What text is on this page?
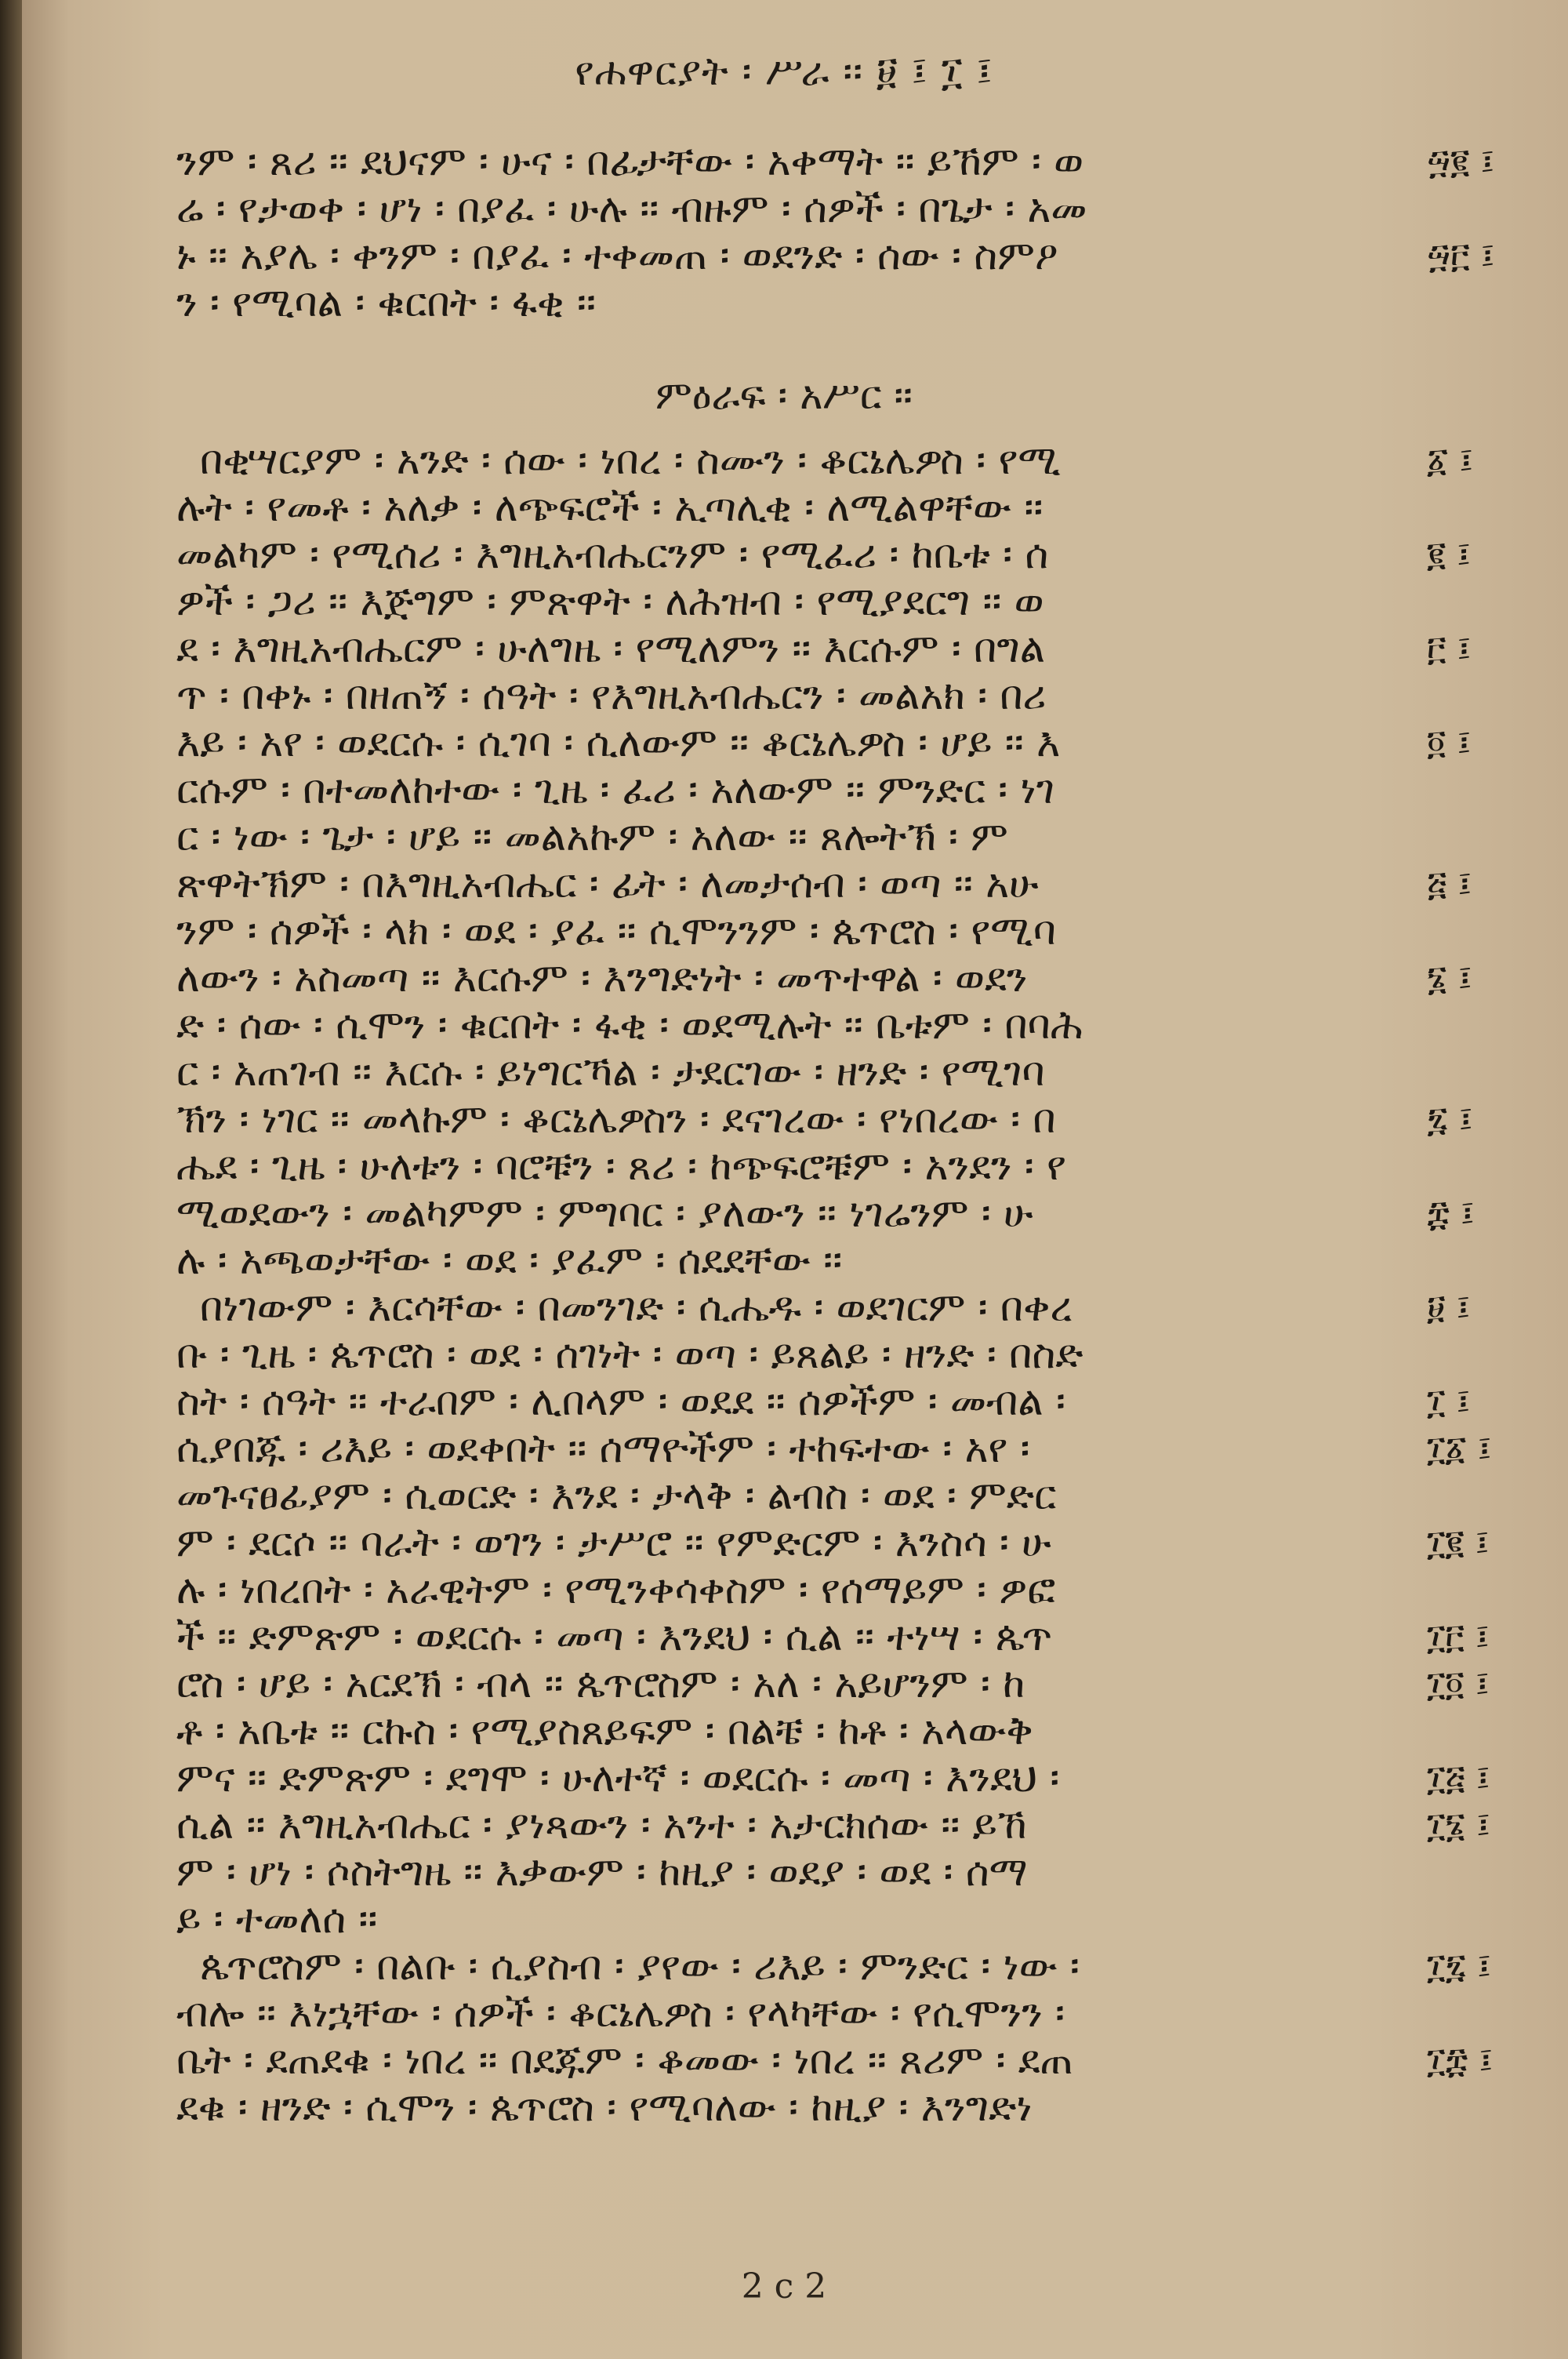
የሐዋርያት ፡ ሥራ ፡፡ ፱ ፤ ፲ ፤
ንም ፡ ጸሪ ፡፡ ደህናም ፡ ሁና ፡ በፊታቸው ፡ አቀማት ፡፡ ይኸም ፡ ወ	፵፪ ፤
ሬ ፡ የታወቀ ፡ ሆነ ፡ በያፈ ፡ ሁሉ ፡፡ ብዙም ፡ ሰዎች ፡ በጌታ ፡ አመ
ኑ ፡፡ አያሌ ፡ ቀንም ፡ በያፈ ፡ ተቀመጠ ፡ ወደንድ ፡ ሰው ፡ ስምዖ	፵፫ ፤
ን ፡ የሚባል ፡ ቁርበት ፡ ፋቂ ፡፡
ምዕራፍ ፡ አሥር ፡፡
በቂሣርያም ፡ አንድ ፡ ሰው ፡ ነበረ ፡ ስሙን ፡ ቆርኔሌዎስ ፡ የሚ	፩ ፤
ሉት ፡ የመቶ ፡ አለቃ ፡ ለጭፍሮች ፡ ኢጣሊቂ ፡ ለሚልዋቸው ፡፡
መልካም ፡ የሚሰሪ ፡ እግዚአብሔርንም ፡ የሚፈሪ ፡ ከቤቱ ፡ ሰ	፪ ፤
ዎች ፡ ጋሪ ፡፡ እጅግም ፡ ምጽዋት ፡ ለሕዝብ ፡ የሚያደርግ ፡፡ ወ
ደ ፡ እግዚአብሔርም ፡ ሁለግዜ ፡ የሚለምን ፡፡ እርሱም ፡ በግል	፫ ፤
ጥ ፡ በቀኑ ፡ በዘጠኝ ፡ ሰዓት ፡ የእግዚአብሔርን ፡ መልአክ ፡ በሪ
እይ ፡ አየ ፡ ወደርሱ ፡ ሲገባ ፡ ሲለውም ፡፡ ቆርኔሌዎስ ፡ ሆይ ፡፡ እ	፬ ፤
ርሱም ፡ በተመለከተው ፡ ጊዜ ፡ ፈሪ ፡ አለውም ፡፡ ምንድር ፡ ነገ
ር ፡ ነው ፡ ጌታ ፡ ሆይ ፡፡ መልአኩም ፡ አለው ፡፡ ጸሎትኽ ፡ ም
ጽዋትኽም ፡ በእግዚአብሔር ፡ ፊት ፡ ለመታሰብ ፡ ወጣ ፡፡ አሁ	፭ ፤
ንም ፡ ሰዎች ፡ ላክ ፡ ወደ ፡ ያፈ ፡፡ ሲሞንንም ፡ ጴጥሮስ ፡ የሚባ
ለውን ፡ አስመጣ ፡፡ እርሱም ፡ እንግድነት ፡ መጥተዋል ፡ ወደን	፮ ፤
ድ ፡ ሰው ፡ ሲሞን ፡ ቁርበት ፡ ፋቂ ፡ ወደሚሉት ፡፡ ቤቱም ፡ በባሕ
ር ፡ አጠገብ ፡፡ እርሱ ፡ ይነግርኻል ፡ ታደርገው ፡ ዘንድ ፡ የሚገባ
ኽን ፡ ነገር ፡፡ መላኩም ፡ ቆርኔሌዎስን ፡ ደናገረው ፡ የነበረው ፡ በ	፯ ፤
ሔደ ፡ ጊዜ ፡ ሁለቱን ፡ ባሮቹን ፡ ጸሪ ፡ ከጭፍሮቹም ፡ አንደን ፡ የ
ሚወደውን ፡ መልካምም ፡ ምግባር ፡ ያለውን ፡፡ ነገሬንም ፡ ሁ	፰ ፤
ሉ ፡ አጫወታቸው ፡ ወደ ፡ ያፈም ፡ ሰደደቸው ፡፡
በነገውም ፡ እርሳቸው ፡ በመንገድ ፡ ሲሔዱ ፡ ወደገርም ፡ በቀረ	፱ ፤
ቡ ፡ ጊዜ ፡ ጴጥሮስ ፡ ወደ ፡ ሰገነት ፡ ወጣ ፡ ይጸልይ ፡ ዘንድ ፡ በስድ
ስት ፡ ሰዓት ፡፡ ተራበም ፡ ሊበላም ፡ ወደደ ፡፡ ሰዎችም ፡ መብል ፡	፲ ፤
ሲያበጁ ፡ ሪእይ ፡ ወደቀበት ፡፡ ሰማዮችም ፡ ተከፍተው ፡ አየ ፡	፲፩ ፤
መጉናፀፊያም ፡ ሲወርድ ፡ እንደ ፡ ታላቅ ፡ ልብስ ፡ ወደ ፡ ምድር
ም ፡ ደርሶ ፡፡ ባራት ፡ ወገን ፡ ታሥሮ ፡፡ የምድርም ፡ እንስሳ ፡ ሁ	፲፪ ፤
ሉ ፡ ነበረበት ፡ አራዊትም ፡ የሚንቀሳቀስም ፡ የሰማይም ፡ ዎፎ
ች ፡፡ ድምጽም ፡ ወደርሱ ፡ መጣ ፡ እንደህ ፡ ሲል ፡፡ ተነሣ ፡ ጴጥ	፲፫ ፤
ሮስ ፡ ሆይ ፡ አርደኽ ፡ ብላ ፡፡ ጴጥሮስም ፡ አለ ፡ አይሆንም ፡ ከ	፲፬ ፤
ቶ ፡ አቤቱ ፡፡ ርኩስ ፡ የሚያስጸይፍም ፡ በልቼ ፡ ከቶ ፡ አላውቅ
ምና ፡፡ ድምጽም ፡ ደግሞ ፡ ሁለተኛ ፡ ወደርሱ ፡ መጣ ፡ እንደህ ፡	፲፭ ፤
ሲል ፡፡ እግዚአብሔር ፡ ያነጻውን ፡ አንተ ፡ አታርክሰው ፡፡ ይኸ	፲፮ ፤
ም ፡ ሆነ ፡ ሶስትግዜ ፡፡ እቃውም ፡ ከዚያ ፡ ወደያ ፡ ወደ ፡ ሰማ
ይ ፡ ተመለሰ ፡፡
ጴጥሮስም ፡ በልቡ ፡ ሲያስብ ፡ ያየው ፡ ሪእይ ፡ ምንድር ፡ ነው ፡	፲፯ ፤
ብሎ ፡፡ እነኋቸው ፡ ሰዎች ፡ ቆርኔሌዎስ ፡ የላካቸው ፡ የሲሞንን ፡
ቤት ፡ ደጠደቁ ፡ ነበረ ፡፡ በደጁም ፡ ቆመው ፡ ነበረ ፡፡ ጸሪም ፡ ደጠ	፲፰ ፤
ደቁ ፡ ዘንድ ፡ ሲሞን ፡ ጴጥሮስ ፡ የሚባለው ፡ ከዚያ ፡ እንግድነ
2 c 2
